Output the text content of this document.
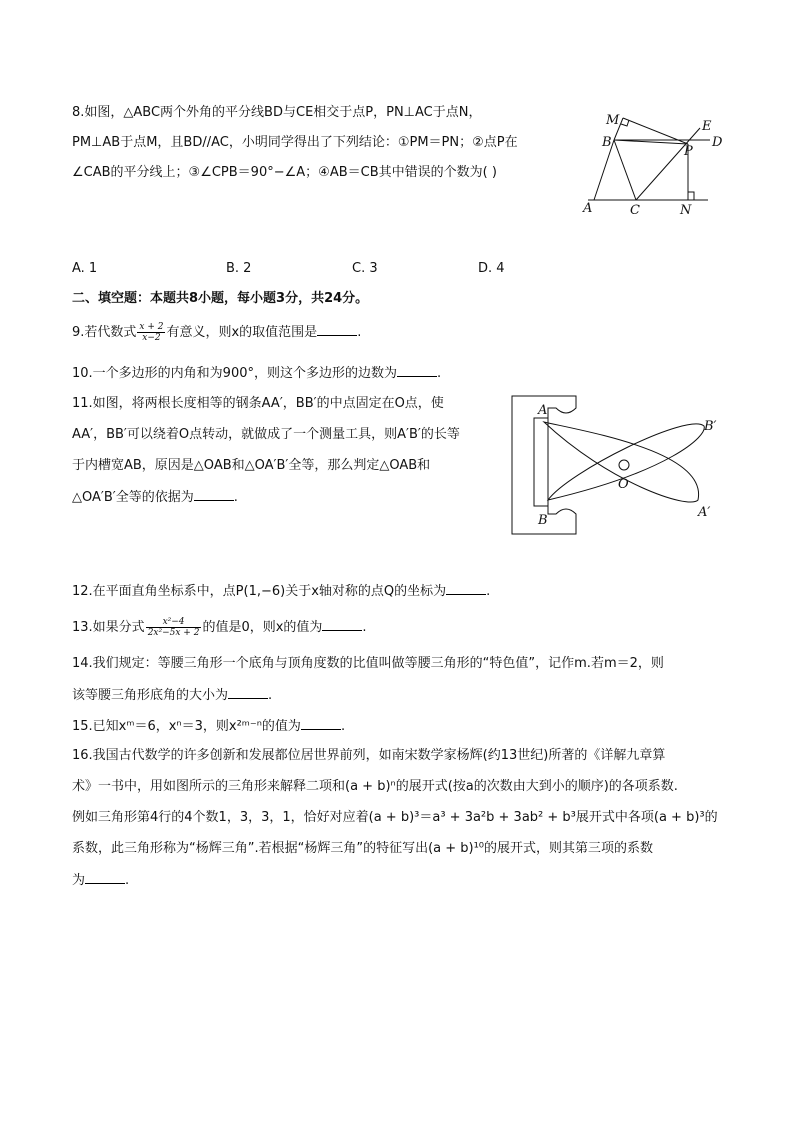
8.如图，△ABC两个外角的平分线BD与CE相交于点P，PN⊥AC于点N，
PM⊥AB于点M，且BD//AC，小明同学得出了下列结论：①PM＝PN；②点P在
∠CAB的平分线上；③∠CPB＝90°−∠A；④AB＝CB其中错误的个数为( )
M	E
B
P
D
A	C	N
A. 1	B. 2	C. 3	D. 4
二、填空题：本题共8小题，每小题3分，共24分。
9.若代数式 $\frac{x + 2}{x-2}$ 有意义，则x的取值范围是	.
10.一个多边形的内角和为900°，则这个多边形的边数为	.
11.如图，将两根长度相等的钢条AA′，BB′的中点固定在O点，使
AA′，BB′可以绕着O点转动，就做成了一个测量工具，则A′B′的长等
于内槽宽AB，原因是△OAB和△OA′B′全等，那么判定△OAB和
△OA′B′全等的依据为	.
A
B
B′
O
A′
12.在平面直角坐标系中，点P(1,−6)关于x轴对称的点Q的坐标为	.
13.如果分式 $\frac{\text{x²−4}}{\text{2x²−5x + 2}}$ 的值是0，则x的值为	.
14.我们规定：等腰三角形一个底角与顶角度数的比值叫做等腰三角形的“特色值”，记作m.若m＝2，则
该等腰三角形底角的大小为	.
15.已知xᵐ＝6，xⁿ＝3，则x²ᵐ⁻ⁿ的值为	.
16.我国古代数学的许多创新和发展都位居世界前列，如南宋数学家杨辉(约13世纪)所著的《详解九章算
术》一书中，用如图所示的三角形来解释二项和(a + b)ⁿ的展开式(按a的次数由大到小的顺序)的各项系数.
例如三角形第4行的4个数1，3，3，1，恰好对应着(a + b)³＝a³ + 3a²b + 3ab² + b³展开式中各项(a + b)³的
系数，此三角形称为“杨辉三角”.若根据“杨辉三角”的特征写出(a + b)¹⁰的展开式，则其第三项的系数
为	.
